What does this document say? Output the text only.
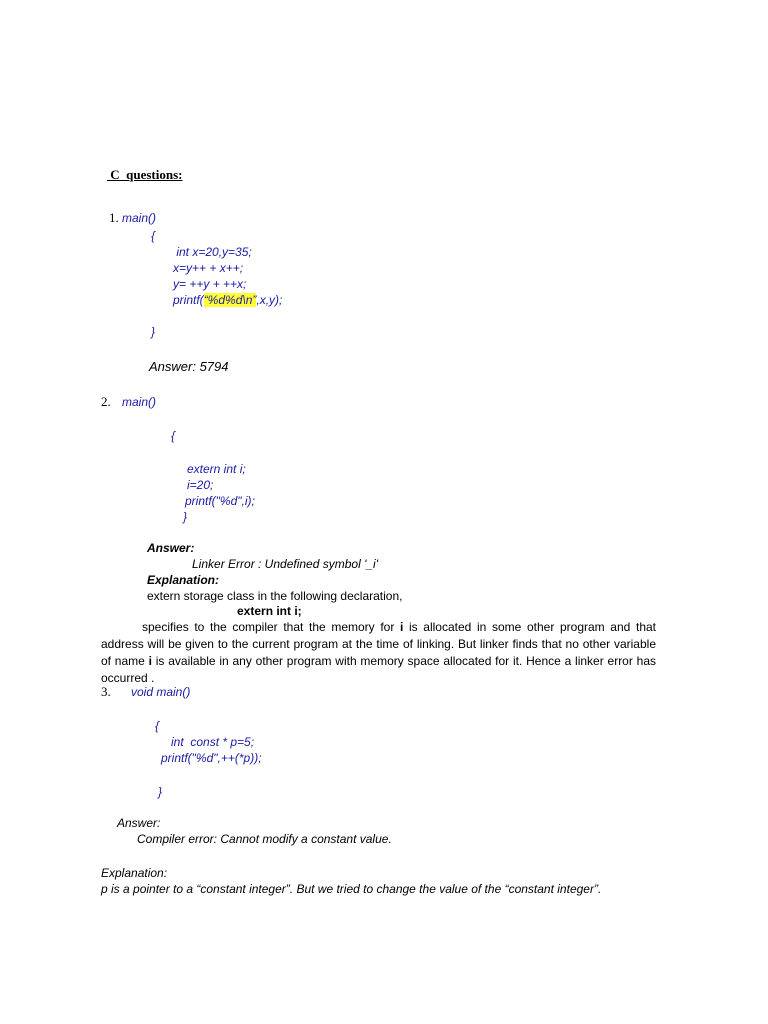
C  questions:
1. main()
{
int x=20,y=35;
x=y++ + x++;
y= ++y + ++x;
printf(“%d%d\n”,x,y);
}
Answer: 5794
2. main()
{
extern int i;
i=20;
printf("%d",i);
}
Answer:
Linker Error : Undefined symbol '_i'
Explanation:
extern storage class in the following declaration,
extern int i;
specifies to the compiler that the memory for i is allocated in some other program and that address will be given to the current program at the time of linking. But linker finds that no other variable of name i is available in any other program with memory space allocated for it. Hence a linker error has occurred .
3. void main()
{
int  const * p=5;
printf("%d",++(*p));
}
Answer:
Compiler error: Cannot modify a constant value.
Explanation:
p is a pointer to a “constant integer”. But we tried to change the value of the “constant integer”.
